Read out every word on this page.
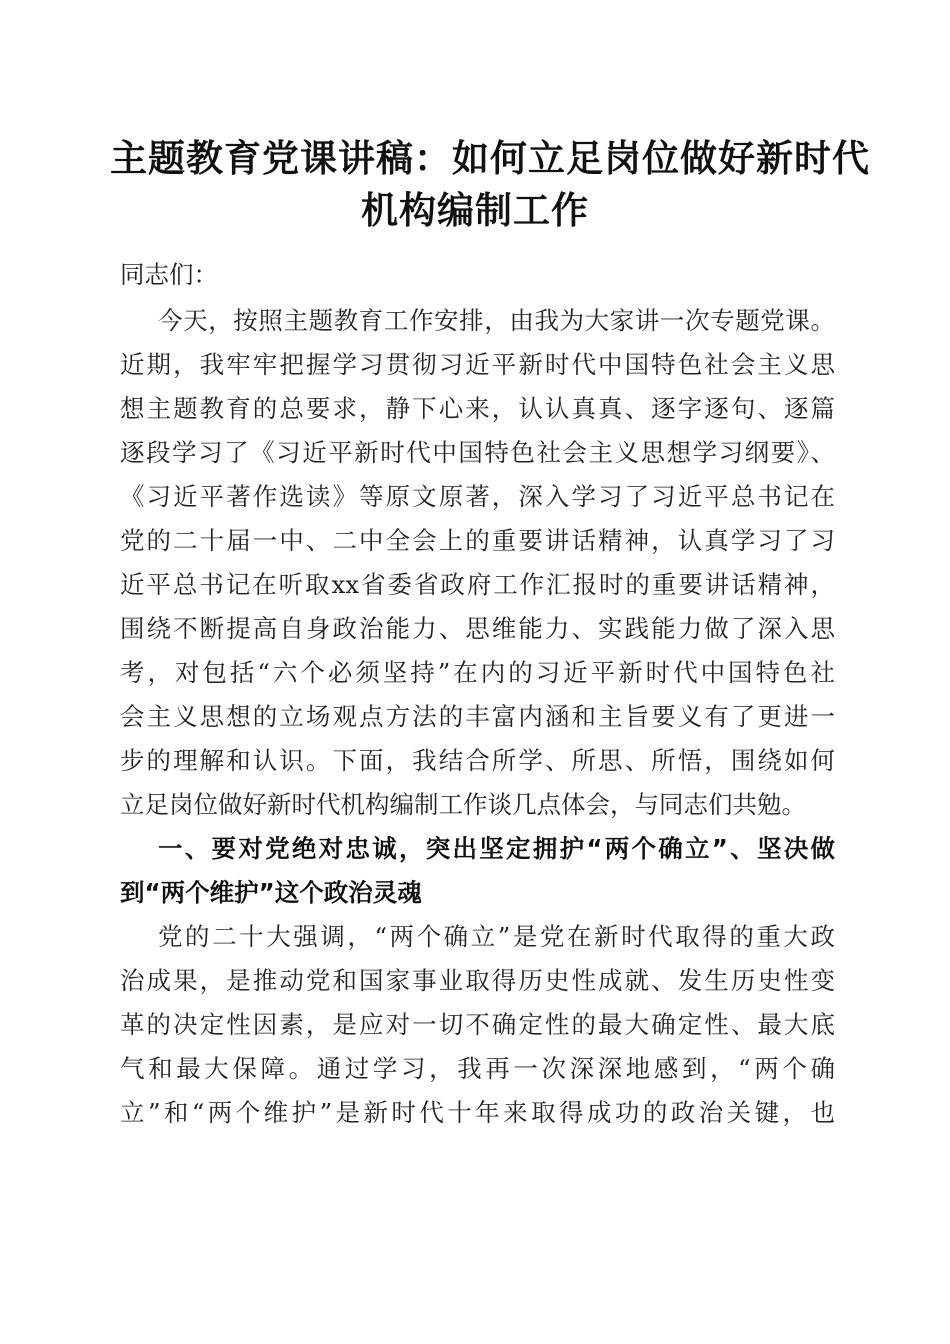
主题教育党课讲稿：如何立足岗位做好新时代
机构编制工作
同志们：
今天，按照主题教育工作安排，由我为大家讲一次专题党课。
近期，我牢牢把握学习贯彻习近平新时代中国特色社会主义思
想主题教育的总要求，静下心来，认认真真、逐字逐句、逐篇
逐段学习了《习近平新时代中国特色社会主义思想学习纲要》、
《习近平著作选读》等原文原著，深入学习了习近平总书记在
党的二十届一中、二中全会上的重要讲话精神，认真学习了习
近平总书记在听取xx省委省政府工作汇报时的重要讲话精神，
围绕不断提高自身政治能力、思维能力、实践能力做了深入思
考，对包括“六个必须坚持”在内的习近平新时代中国特色社
会主义思想的立场观点方法的丰富内涵和主旨要义有了更进一
步的理解和认识。下面，我结合所学、所思、所悟，围绕如何
立足岗位做好新时代机构编制工作谈几点体会，与同志们共勉。
一、要对党绝对忠诚，突出坚定拥护“两个确立”、坚决做
到“两个维护”这个政治灵魂
党的二十大强调，“两个确立”是党在新时代取得的重大政
治成果，是推动党和国家事业取得历史性成就、发生历史性变
革的决定性因素，是应对一切不确定性的最大确定性、最大底
气和最大保障。通过学习，我再一次深深地感到，“两个确
立”和“两个维护”是新时代十年来取得成功的政治关键，也
